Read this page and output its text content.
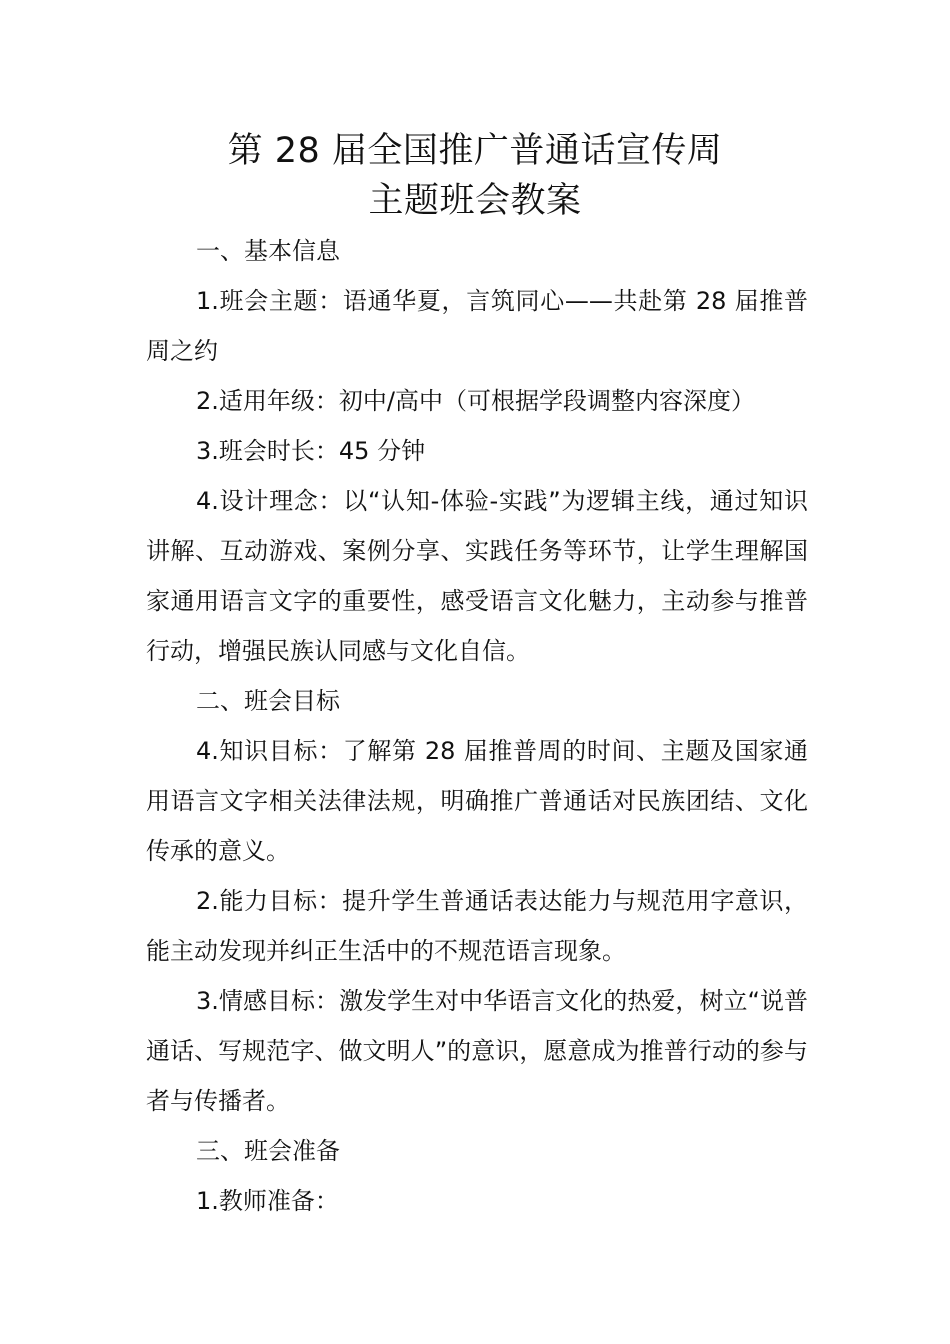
第 28 届全国推广普通话宣传周
主题班会教案

一、基本信息

1.班会主题：语通华夏，言筑同心——共赴第 28 届推普周之约

2.适用年级：初中/高中（可根据学段调整内容深度）

3.班会时长：45 分钟

4.设计理念：以“认知-体验-实践”为逻辑主线，通过知识讲解、互动游戏、案例分享、实践任务等环节，让学生理解国家通用语言文字的重要性，感受语言文化魅力，主动参与推普行动，增强民族认同感与文化自信。

二、班会目标

4.知识目标：了解第 28 届推普周的时间、主题及国家通用语言文字相关法律法规，明确推广普通话对民族团结、文化传承的意义。

2.能力目标：提升学生普通话表达能力与规范用字意识，能主动发现并纠正生活中的不规范语言现象。

3.情感目标：激发学生对中华语言文化的热爱，树立“说普通话、写规范字、做文明人”的意识，愿意成为推普行动的参与者与传播者。

三、班会准备

1.教师准备：
